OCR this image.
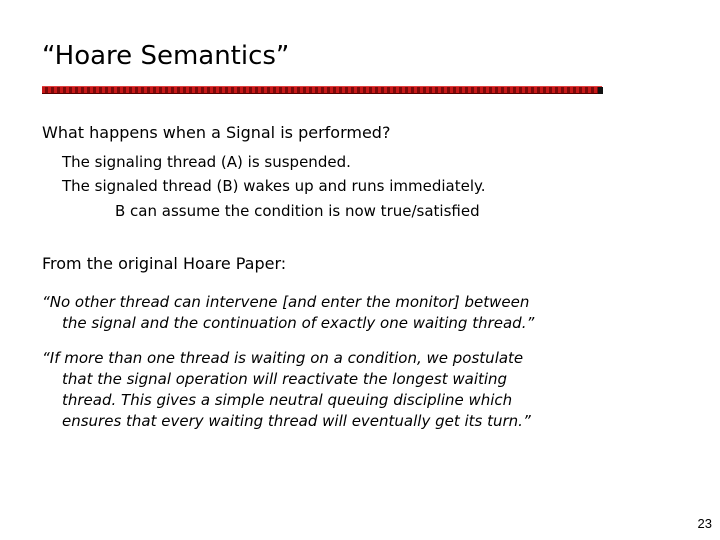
“Hoare Semantics”
What happens when a Signal is performed?
The signaling thread (A) is suspended.
The signaled thread (B) wakes up and runs immediately.
B can assume the condition is now true/satisfied
From the original Hoare Paper:
“No other thread can intervene [and enter the monitor] between
the signal and the continuation of exactly one waiting thread.”
“If more than one thread is waiting on a condition, we postulate
that the signal operation will reactivate the longest waiting
thread. This gives a simple neutral queuing discipline which
ensures that every waiting thread will eventually get its turn.”
23
